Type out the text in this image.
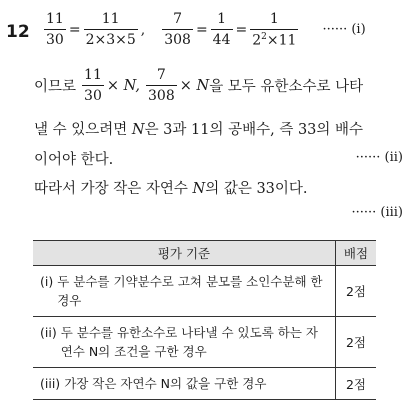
$12 \frac{11}{30} = \frac{11}{2\times 3\times 5}$ , $\frac{7}{308} = \frac{1}{44} = \frac{1}{2^2\times 11}$ ······ (i)
이므로 $\frac{11}{30} \times N$, $\frac{7}{308} \times N$ 을 모두 유한소수로 나타
낼 수 있으려면 N은 3과 11의 공배수, 즉 33의 배수
이어야 한다.	······ (ii)
따라서 가장 작은 자연수 N의 값은 33이다.
······ (iii)
평가 기준	배점

(i) 두 분수를 기약분수로 고쳐 분모를 소인수분해 한 경우	2점

(ii) 두 분수를 유한소수로 나타낼 수 있도록 하는 자연수 N의 조건을 구한 경우	2점

(iii) 가장 작은 자연수 N의 값을 구한 경우	2점
